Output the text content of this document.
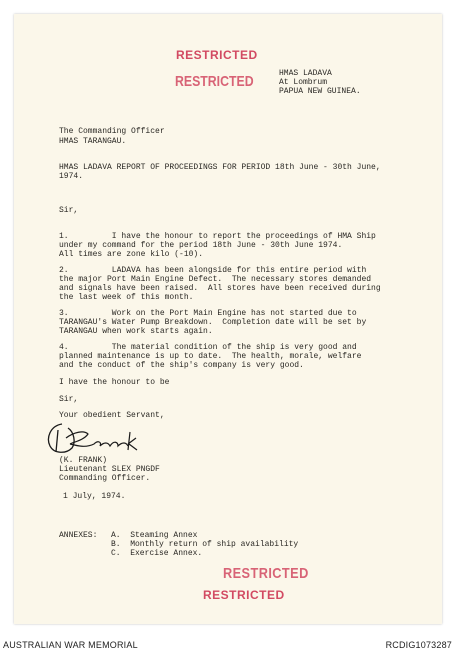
RESTRICTED
RESTRICTED	HMAS LADAVA
At Lombrum
PAPUA NEW GUINEA.
The Commanding Officer
HMAS TARANGAU.
HMAS LADAVA REPORT OF PROCEEDINGS FOR PERIOD 18th June - 30th June,
1974.
Sir,
1.         I have the honour to report the proceedings of HMA Ship
under my command for the period 18th June - 30th June 1974.
All times are zone kilo (-10).
2.         LADAVA has been alongside for this entire period with
the major Port Main Engine Defect.  The necessary stores demanded
and signals have been raised.  All stores have been received during
the last week of this month.
3.         Work on the Port Main Engine has not started due to
TARANGAU's Water Pump Breakdown.  Completion date will be set by
TARANGAU when work starts again.
4.         The material condition of the ship is very good and
planned maintenance is up to date.  The health, morale, welfare
and the conduct of the ship's company is very good.
I have the honour to be
Sir,
Your obedient Servant,
(K. FRANK)
Lieutenant SLEX PNGDF
Commanding Officer.
1 July, 1974.
ANNEXES: A.  Steaming Annex
B.  Monthly return of ship availability
C.  Exercise Annex.
RESTRICTED
RESTRICTED
AUSTRALIAN WAR MEMORIAL	RCDIG1073287
